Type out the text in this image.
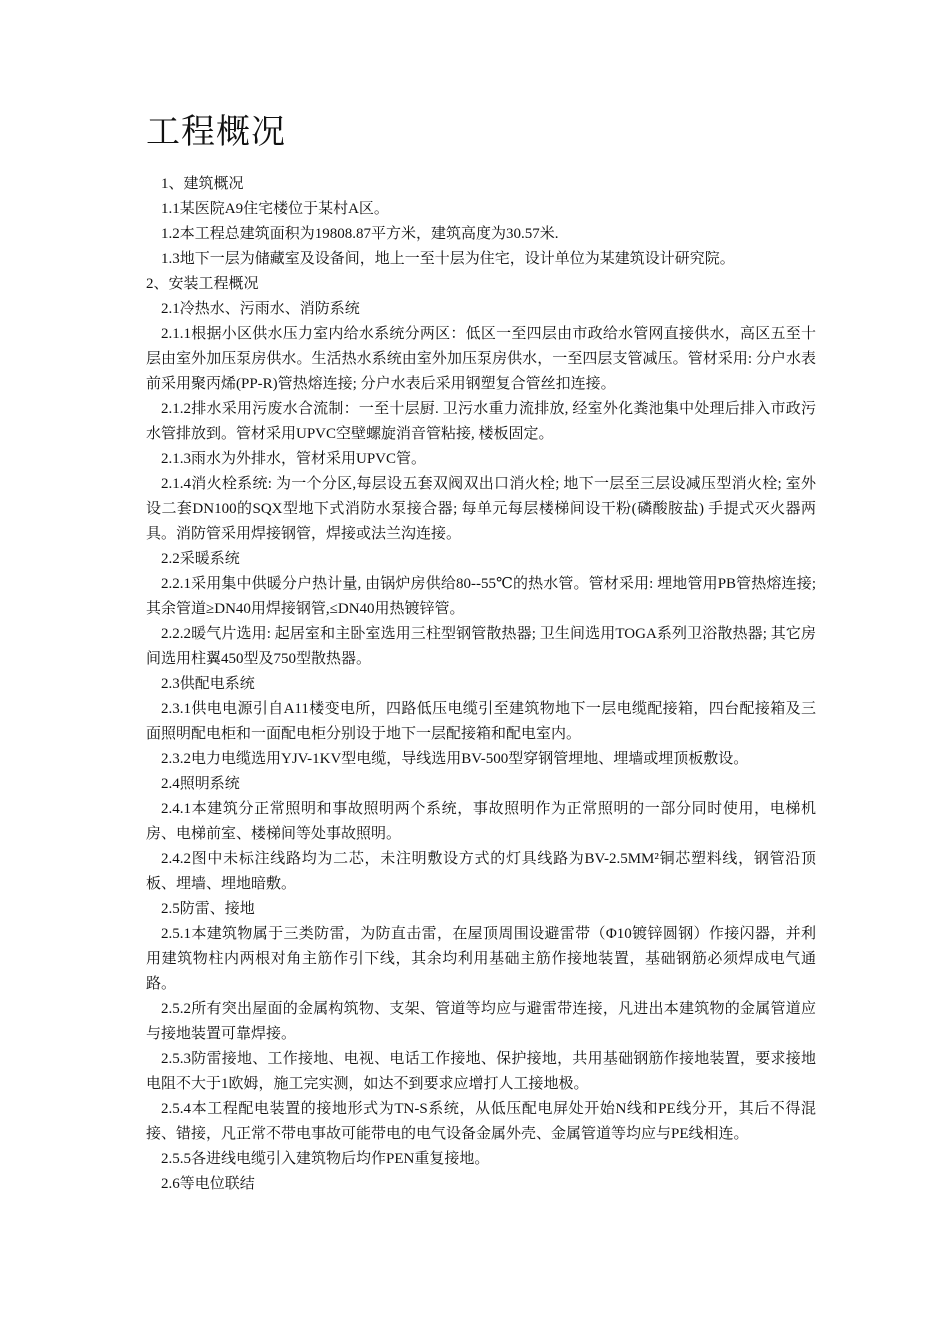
工程概况

1、建筑概况

1.1某医院A9住宅楼位于某村A区。

1.2本工程总建筑面积为19808.87平方米，建筑高度为30.57米.

1.3地下一层为储藏室及设备间，地上一至十层为住宅，设计单位为某建筑设计研究院。

2、安装工程概况

2.1冷热水、污雨水、消防系统

2.1.1根据小区供水压力室内给水系统分两区：低区一至四层由市政给水管网直接供水，高区五至十层由室外加压泵房供水。生活热水系统由室外加压泵房供水，一至四层支管减压。管材采用: 分户水表前采用聚丙烯(PP-R)管热熔连接; 分户水表后采用钢塑复合管丝扣连接。

2.1.2排水采用污废水合流制：一至十层厨. 卫污水重力流排放, 经室外化粪池集中处理后排入市政污水管排放到。管材采用UPVC空壁螺旋消音管粘接, 楼板固定。

2.1.3雨水为外排水，管材采用UPVC管。

2.1.4消火栓系统: 为一个分区,每层设五套双阀双出口消火栓; 地下一层至三层设减压型消火栓; 室外设二套DN100的SQX型地下式消防水泵接合器; 每单元每层楼梯间设干粉(磷酸胺盐) 手提式灭火器两具。消防管采用焊接钢管，焊接或法兰沟连接。

2.2采暖系统

2.2.1采用集中供暖分户热计量, 由锅炉房供给80--55℃的热水管。管材采用: 埋地管用PB管热熔连接; 其余管道≥DN40用焊接钢管,≤DN40用热镀锌管。

2.2.2暖气片选用: 起居室和主卧室选用三柱型钢管散热器; 卫生间选用TOGA系列卫浴散热器; 其它房间选用柱翼450型及750型散热器。

2.3供配电系统

2.3.1供电电源引自A11楼变电所，四路低压电缆引至建筑物地下一层电缆配接箱，四台配接箱及三面照明配电柜和一面配电柜分别设于地下一层配接箱和配电室内。

2.3.2电力电缆选用YJV-1KV型电缆，导线选用BV-500型穿钢管埋地、埋墙或埋顶板敷设。

2.4照明系统

2.4.1本建筑分正常照明和事故照明两个系统，事故照明作为正常照明的一部分同时使用，电梯机房、电梯前室、楼梯间等处事故照明。

2.4.2图中未标注线路均为二芯，未注明敷设方式的灯具线路为BV-2.5MM²铜芯塑料线，钢管沿顶板、埋墙、埋地暗敷。

2.5防雷、接地

2.5.1本建筑物属于三类防雷，为防直击雷，在屋顶周围设避雷带（Φ10镀锌圆钢）作接闪器，并利用建筑物柱内两根对角主筋作引下线，其余均利用基础主筋作接地装置，基础钢筋必须焊成电气通路。

2.5.2所有突出屋面的金属构筑物、支架、管道等均应与避雷带连接，凡进出本建筑物的金属管道应与接地装置可靠焊接。

2.5.3防雷接地、工作接地、电视、电话工作接地、保护接地，共用基础钢筋作接地装置，要求接地电阻不大于1欧姆，施工完实测，如达不到要求应增打人工接地极。

2.5.4本工程配电装置的接地形式为TN-S系统，从低压配电屏处开始N线和PE线分开，其后不得混接、错接，凡正常不带电事故可能带电的电气设备金属外壳、金属管道等均应与PE线相连。

2.5.5各进线电缆引入建筑物后均作PEN重复接地。

2.6等电位联结
